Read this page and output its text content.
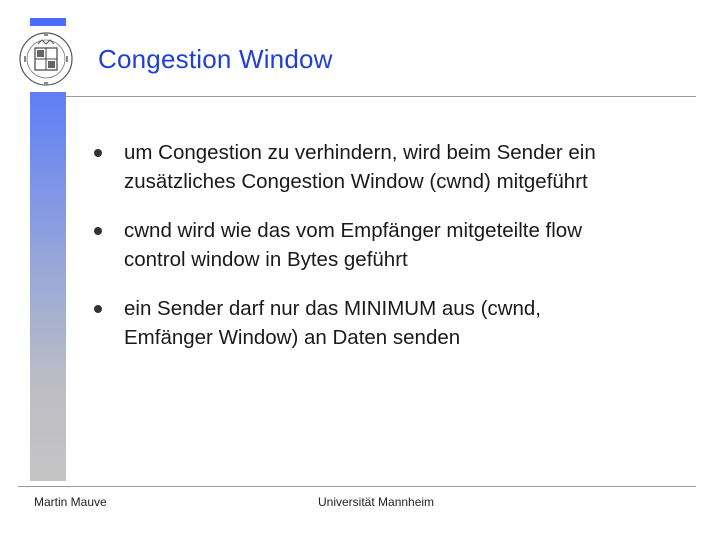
Congestion Window
um Congestion zu verhindern, wird beim Sender ein
zusätzliches Congestion Window (cwnd) mitgeführt
cwnd wird wie das vom Empfänger mitgeteilte flow
control window in Bytes geführt
ein Sender darf nur das MINIMUM aus (cwnd,
Emfänger Window) an Daten senden
Martin Mauve	Universität Mannheim
